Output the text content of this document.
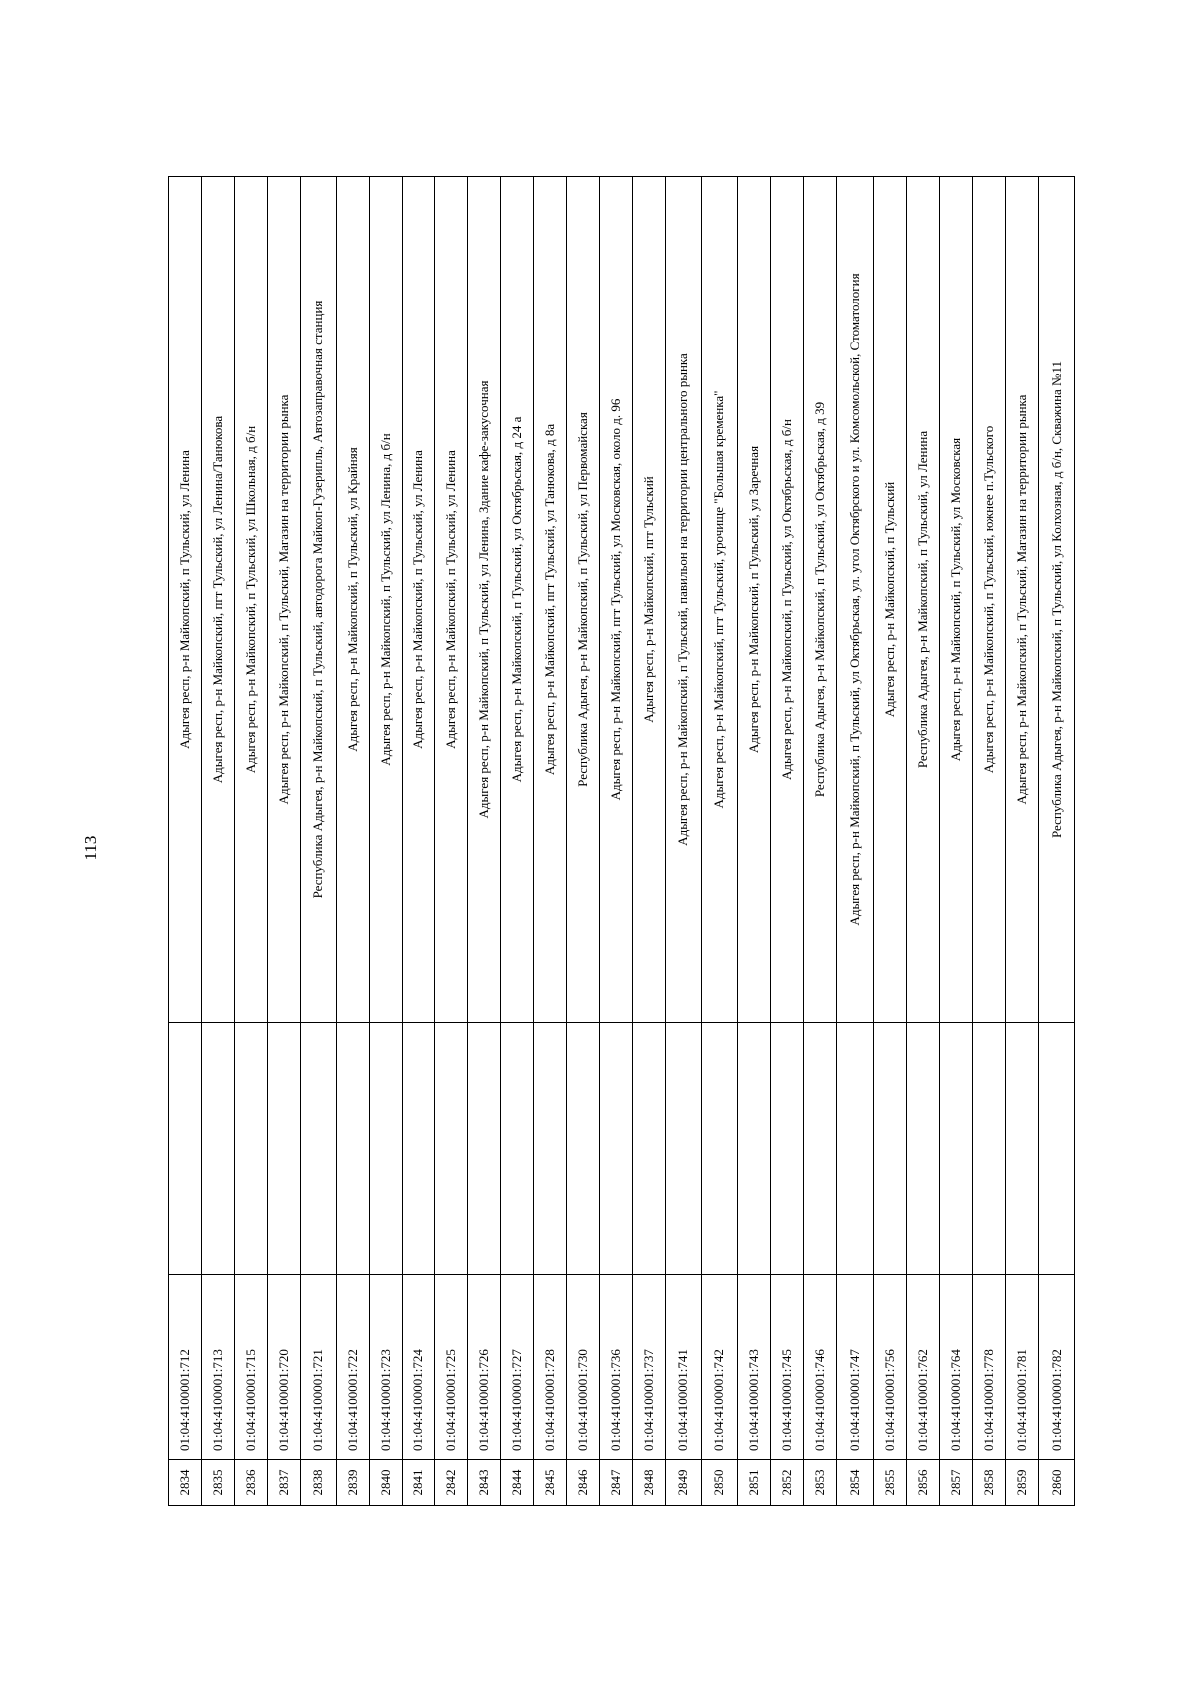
113
2834	01:04:4100001:712		Адыгея респ, р-н Майкопский, п Тульский, ул Ленина
2835	01:04:4100001:713		Адыгея респ, р-н Майкопский, пгт Тульский, ул Ленина/Танюкова
2836	01:04:4100001:715		Адыгея респ, р-н Майкопский, п Тульский, ул Школьная, д б/н
2837	01:04:4100001:720		Адыгея респ, р-н Майкопский, п Тульский, Магазин на территории рынка
2838	01:04:4100001:721		Республика Адыгея, р-н Майкопский, п Тульский, автодорога Майкоп-Гузерипль, Автозаправочная станция
2839	01:04:4100001:722		Адыгея респ, р-н Майкопский, п Тульский, ул Крайняя
2840	01:04:4100001:723		Адыгея респ, р-н Майкопский, п Тульский, ул Ленина, д б/н
2841	01:04:4100001:724		Адыгея респ, р-н Майкопский, п Тульский, ул Ленина
2842	01:04:4100001:725		Адыгея респ, р-н Майкопский, п Тульский, ул Ленина
2843	01:04:4100001:726		Адыгея респ, р-н Майкопский, п Тульский, ул Ленина, Здание кафе-закусочная
2844	01:04:4100001:727		Адыгея респ, р-н Майкопский, п Тульский, ул Октябрьская, д 24 а
2845	01:04:4100001:728		Адыгея респ, р-н Майкопский, пгт Тульский, ул Танюкова, д 8а
2846	01:04:4100001:730		Республика Адыгея, р-н Майкопский, п Тульский, ул Первомайская
2847	01:04:4100001:736		Адыгея респ, р-н Майкопский, пгт Тульский, ул Московская, около д. 96
2848	01:04:4100001:737		Адыгея респ, р-н Майкопский, пгт Тульский
2849	01:04:4100001:741		Адыгея респ, р-н Майкопский, п Тульский, павильон на территории центрального рынка
2850	01:04:4100001:742		Адыгея респ, р-н Майкопский, пгт Тульский, урочище "Большая кременка"
2851	01:04:4100001:743		Адыгея респ, р-н Майкопский, п Тульский, ул Заречная
2852	01:04:4100001:745		Адыгея респ, р-н Майкопский, п Тульский, ул Октябрьская, д б/н
2853	01:04:4100001:746		Республика Адыгея, р-н Майкопский, п Тульский, ул Октябрьская, д 39
2854	01:04:4100001:747		Адыгея респ, р-н Майкопский, п Тульский, ул Октябрьская, ул. угол Октябрского и ул. Комсомольской, Стоматология
2855	01:04:4100001:756		Адыгея респ, р-н Майкопский, п Тульский
2856	01:04:4100001:762		Республика Адыгея, р-н Майкопский, п Тульский, ул Ленина
2857	01:04:4100001:764		Адыгея респ, р-н Майкопский, п Тульский, ул Московская
2858	01:04:4100001:778		Адыгея респ, р-н Майкопский, п Тульский, южнее п.Тульского
2859	01:04:4100001:781		Адыгея респ, р-н Майкопский, п Тульский, Магазин на территории рынка
2860	01:04:4100001:782		Республика Адыгея, р-н Майкопский, п Тульский, ул Колхозная, д б/н, Скважина №11
